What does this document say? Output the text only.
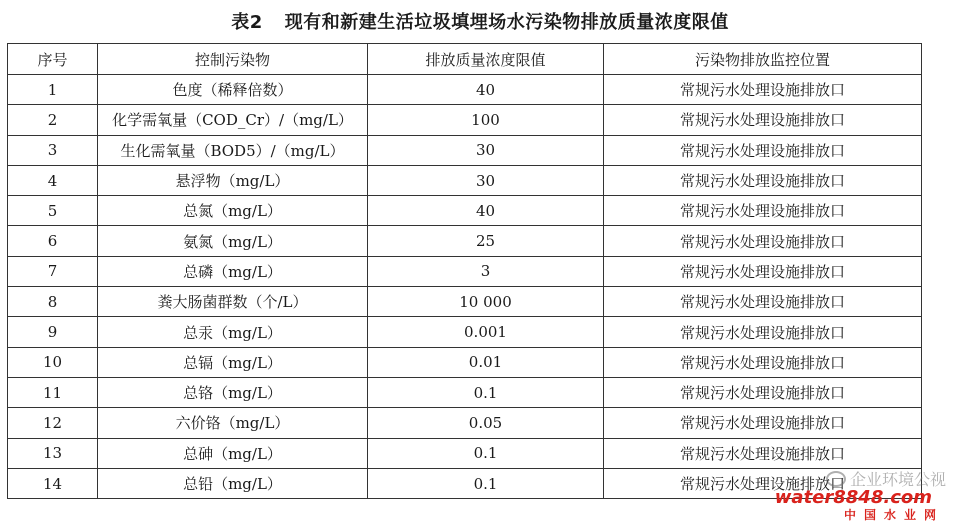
表2 现有和新建生活垃圾填埋场水污染物排放质量浓度限值
序号	控制污染物	排放质量浓度限值	污染物排放监控位置
1	色度（稀释倍数）	40	常规污水处理设施排放口
2	化学需氧量（COD_Cr）/（mg/L）	100	常规污水处理设施排放口
3	生化需氧量（BOD5）/（mg/L）	30	常规污水处理设施排放口
4	悬浮物（mg/L）	30	常规污水处理设施排放口
5	总氮（mg/L）	40	常规污水处理设施排放口
6	氨氮（mg/L）	25	常规污水处理设施排放口
7	总磷（mg/L）	3	常规污水处理设施排放口
8	粪大肠菌群数（个/L）	10 000	常规污水处理设施排放口
9	总汞（mg/L）	0.001	常规污水处理设施排放口
10	总镉（mg/L）	0.01	常规污水处理设施排放口
11	总铬（mg/L）	0.1	常规污水处理设施排放口
12	六价铬（mg/L）	0.05	常规污水处理设施排放口
13	总砷（mg/L）	0.1	常规污水处理设施排放口
14	总铅（mg/L）	0.1	常规污水处理设施排放口 企业环境公视
water8848.com
中国水业网
